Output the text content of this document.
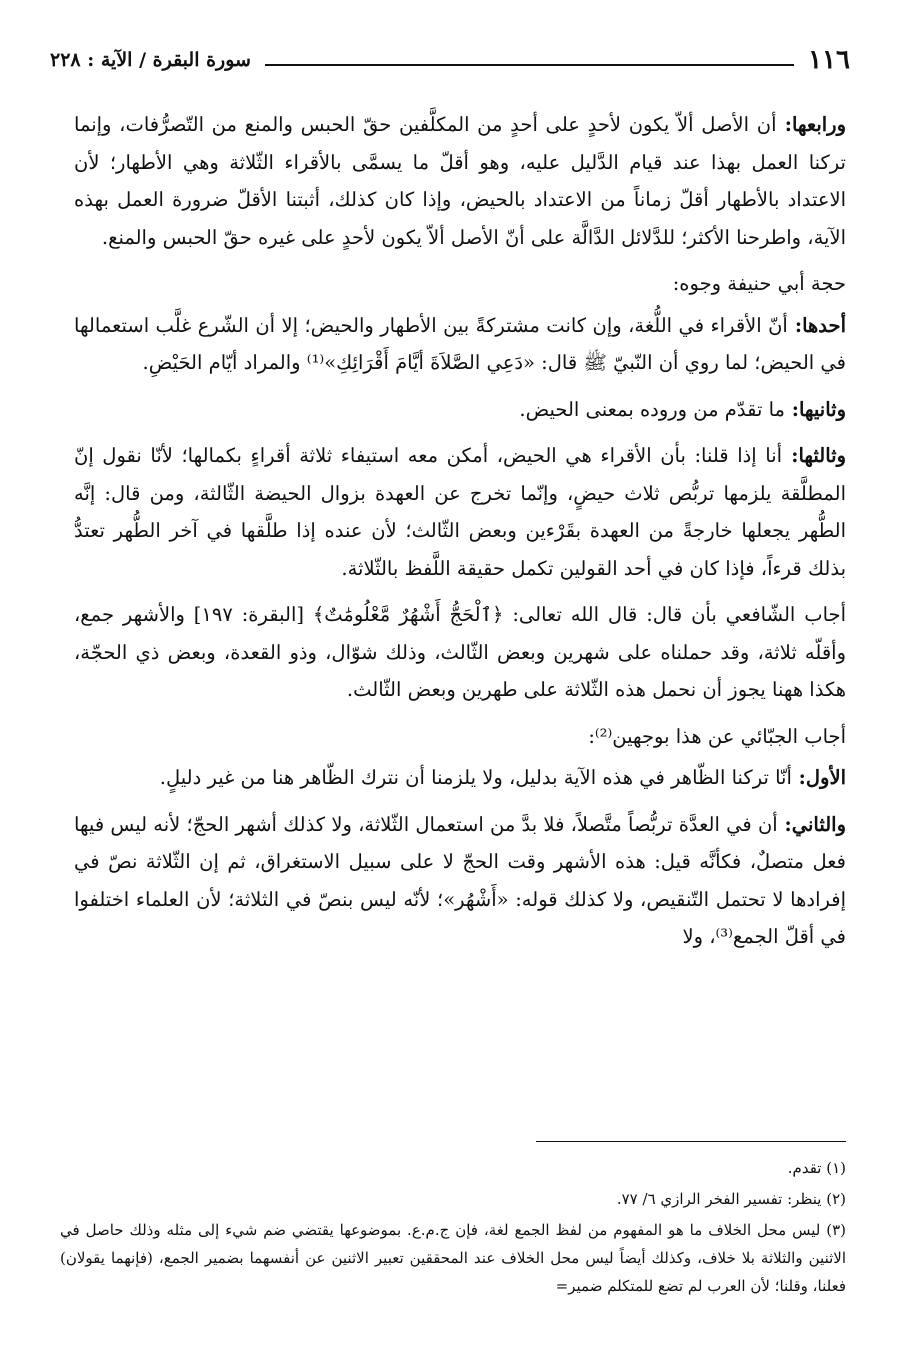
١١٦
سورة البقرة / الآية : ٢٢٨

ورابعها: أن الأصل ألاّ يكون لأحدٍ على أحدٍ من المكلَّفين حقّ الحبس والمنع من التّصرُّفات، وإنما تركنا العمل بهذا عند قيام الدَّليل عليه، وهو أقلّ ما يسمَّى بالأقراء الثّلاثة وهي الأطهار؛ لأن الاعتداد بالأطهار أقلّ زماناً من الاعتداد بالحيض، وإذا كان كذلك، أثبتنا الأقلّ ضرورة العمل بهذه الآية، واطرحنا الأكثر؛ للدَّلائل الدَّالَّة على أنّ الأصل ألاّ يكون لأحدٍ على غيره حقّ الحبس والمنع.

حجة أبي حنيفة وجوه:

أحدها: أنّ الأقراء في اللُّغة، وإن كانت مشتركةً بين الأطهار والحيض؛ إلا أن الشّرع غلَّب استعمالها في الحيض؛ لما روي أن النّبيّ ﷺ قال: «دَعِي الصَّلاَةَ أيَّامَ أَقْرَائِكِ»⁽¹⁾ والمراد أيّام الحَيْضِ.

وثانيها: ما تقدّم من وروده بمعنى الحيض.

وثالثها: أنا إذا قلنا: بأن الأقراء هي الحيض، أمكن معه استيفاء ثلاثة أقراءٍ بكمالها؛ لأنّا نقول إنّ المطلَّقة يلزمها تربُّص ثلاث حيضٍ، وإنّما تخرج عن العهدة بزوال الحيضة الثّالثة، ومن قال: إنَّه الطُّهر يجعلها خارجةً من العهدة بقَرْءين وبعض الثّالث؛ لأن عنده إذا طلَّقها في آخر الطُّهر تعتدُّ بذلك قرءاً، فإذا كان في أحد القولين تكمل حقيقة اللَّفظ بالثّلاثة.

أجاب الشّافعي بأن قال: قال الله تعالى: ﴿ٱلْحَجُّ أَشْهُرٌ مَّعْلُومَٰتٌ﴾ [البقرة: ١٩٧] والأشهر جمع، وأقلّه ثلاثة، وقد حملناه على شهرين وبعض الثّالث، وذلك شوّال، وذو القعدة، وبعض ذي الحجّة، هكذا ههنا يجوز أن نحمل هذه الثّلاثة على طهرين وبعض الثّالث.

أجاب الجبّائي عن هذا بوجهين⁽²⁾:

الأول: أنّا تركنا الظّاهر في هذه الآية بدليل، ولا يلزمنا أن نترك الظّاهر هنا من غير دليلٍ.

والثاني: أن في العدَّة تربُّصاً متَّصلاً، فلا بدَّ من استعمال الثّلاثة، ولا كذلك أشهر الحجّ؛ لأنه ليس فيها فعل متصلٌ، فكأنَّه قيل: هذه الأشهر وقت الحجّ لا على سبيل الاستغراق، ثم إن الثّلاثة نصّ في إفرادها لا تحتمل التّنقيص، ولا كذلك قوله: «أَشْهُر»؛ لأنّه ليس بنصّ في الثلاثة؛ لأن العلماء اختلفوا في أقلّ الجمع⁽³⁾، ولا

(١) تقدم.

(٢) ينظر: تفسير الفخر الرازي ٦/ ٧٧.

(٣) ليس محل الخلاف ما هو المفهوم من لفظ الجمع لغة، فإن ج.م.ع. بموضوعها يقتضي ضم شيء إلى مثله وذلك حاصل في الاثنين والثلاثة بلا خلاف، وكذلك أيضاً ليس محل الخلاف عند المحققين تعبير الاثنين عن أنفسهما بضمير الجمع، (فإنهما يقولان) فعلنا، وقلنا؛ لأن العرب لم تضع للمتكلم ضمير=
